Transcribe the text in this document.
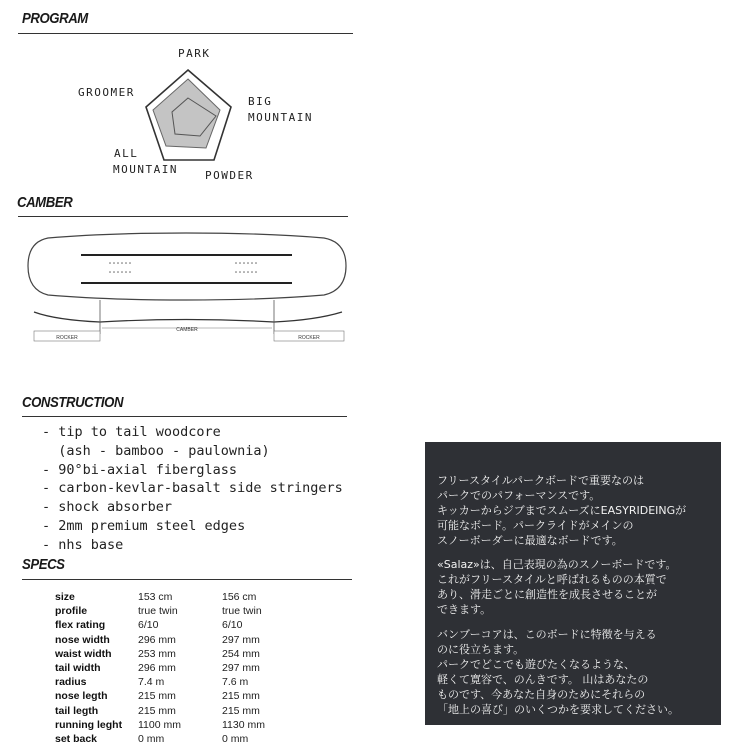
PROGRAM
PARK
GROOMER
BIG
MOUNTAIN
ALL
MOUNTAIN POWDER
CAMBER
ROCKER
CAMBER
ROCKER
CONSTRUCTION
- tip to tail woodcore
(ash - bamboo - paulownia)
- 90°bi-axial fiberglass
- carbon-kevlar-basalt side stringers
- shock absorber
- 2mm premium steel edges
- nhs base
SPECS
size	153 cm	156 cm
profile	true twin	true twin
flex rating	6/10	6/10
nose width	296 mm	297 mm
waist width	253 mm	254 mm
tail width	296 mm	297 mm
radius	7.4 m	7.6 m
nose legth	215 mm	215 mm
tail legth	215 mm	215 mm
running leght	1100 mm	1130 mm
set back	0 mm	0 mm
フリースタイルパークボードで重要なのは
パークでのパフォーマンスです。
キッカーからジブまでスムーズにEASYRIDEINGが
可能なボード。パークライドがメインの
スノーボーダーに最適なボードです。
«Salaz»は、自己表現の為のスノーボードです。
これがフリースタイルと呼ばれるものの本質で
あり、滑走ごとに創造性を成長させることが
できます。
バンブーコアは、このボードに特徴を与える
のに役立ちます。
パークでどこでも遊びたくなるような、
軽くて寛容で、のんきです。 山はあなたの
ものです、今あなた自身のためにそれらの
「地上の喜び」のいくつかを要求してください。
